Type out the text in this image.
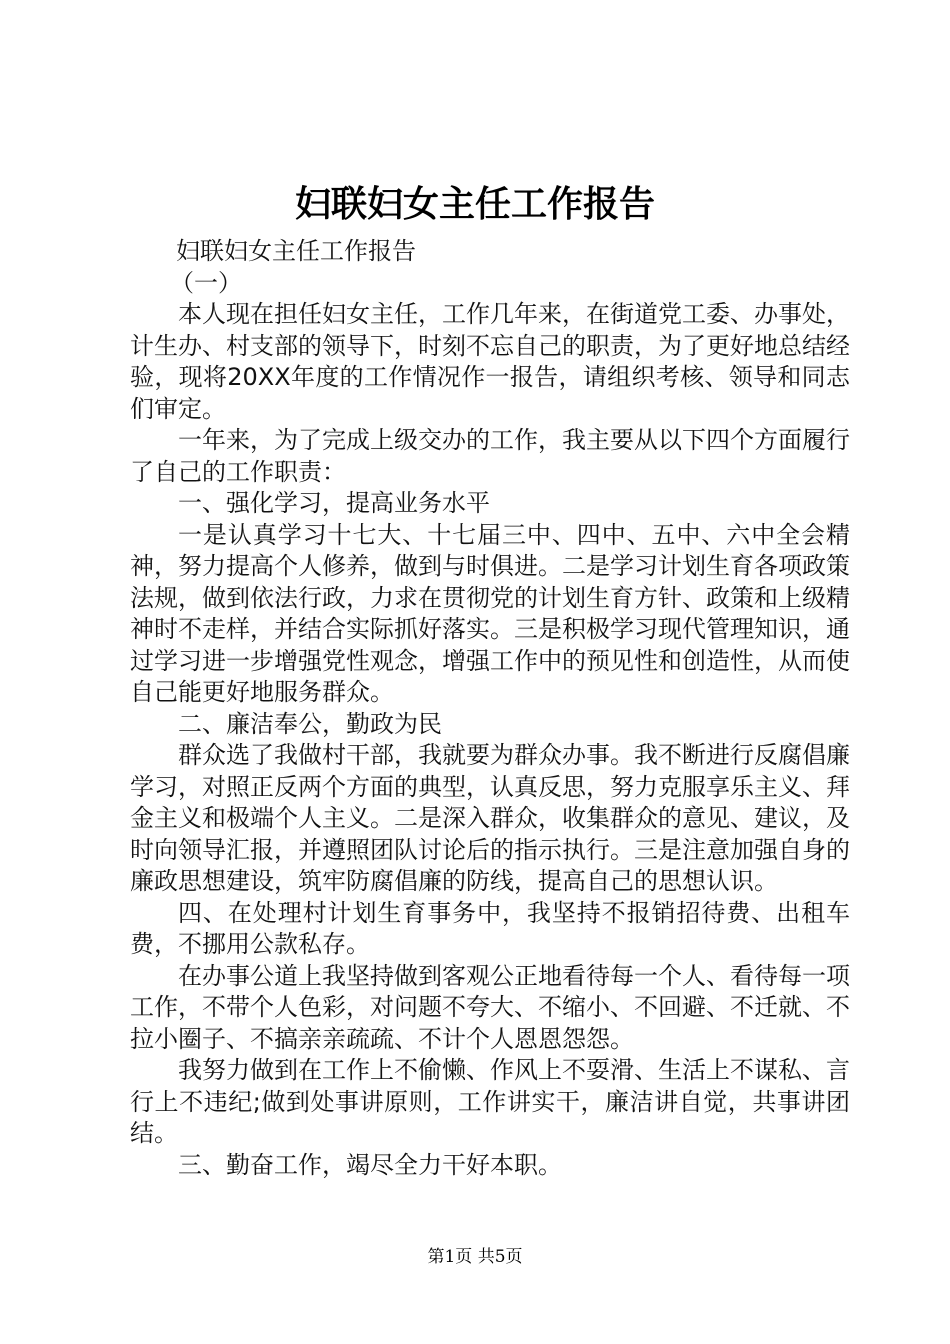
妇联妇女主任工作报告

妇联妇女主任工作报告

（一）

本人现在担任妇女主任，工作几年来，在街道党工委、办事处，计生办、村支部的领导下，时刻不忘自己的职责，为了更好地总结经验，现将20XX年度的工作情况作一报告，请组织考核、领导和同志们审定。

一年来，为了完成上级交办的工作，我主要从以下四个方面履行了自己的工作职责：

一、强化学习，提高业务水平

一是认真学习十七大、十七届三中、四中、五中、六中全会精神，努力提高个人修养，做到与时俱进。二是学习计划生育各项政策法规，做到依法行政，力求在贯彻党的计划生育方针、政策和上级精神时不走样，并结合实际抓好落实。三是积极学习现代管理知识，通过学习进一步增强党性观念，增强工作中的预见性和创造性，从而使自己能更好地服务群众。

二、廉洁奉公，勤政为民

群众选了我做村干部，我就要为群众办事。我不断进行反腐倡廉学习，对照正反两个方面的典型，认真反思，努力克服享乐主义、拜金主义和极端个人主义。二是深入群众，收集群众的意见、建议，及时向领导汇报，并遵照团队讨论后的指示执行。三是注意加强自身的廉政思想建设，筑牢防腐倡廉的防线，提高自己的思想认识。

四、在处理村计划生育事务中，我坚持不报销招待费、出租车费，不挪用公款私存。

在办事公道上我坚持做到客观公正地看待每一个人、看待每一项工作，不带个人色彩，对问题不夸大、不缩小、不回避、不迁就、不拉小圈子、不搞亲亲疏疏、不计个人恩恩怨怨。

我努力做到在工作上不偷懒、作风上不耍滑、生活上不谋私、言行上不违纪;做到处事讲原则，工作讲实干，廉洁讲自觉，共事讲团结。

三、勤奋工作，竭尽全力干好本职。

第1页 共5页
